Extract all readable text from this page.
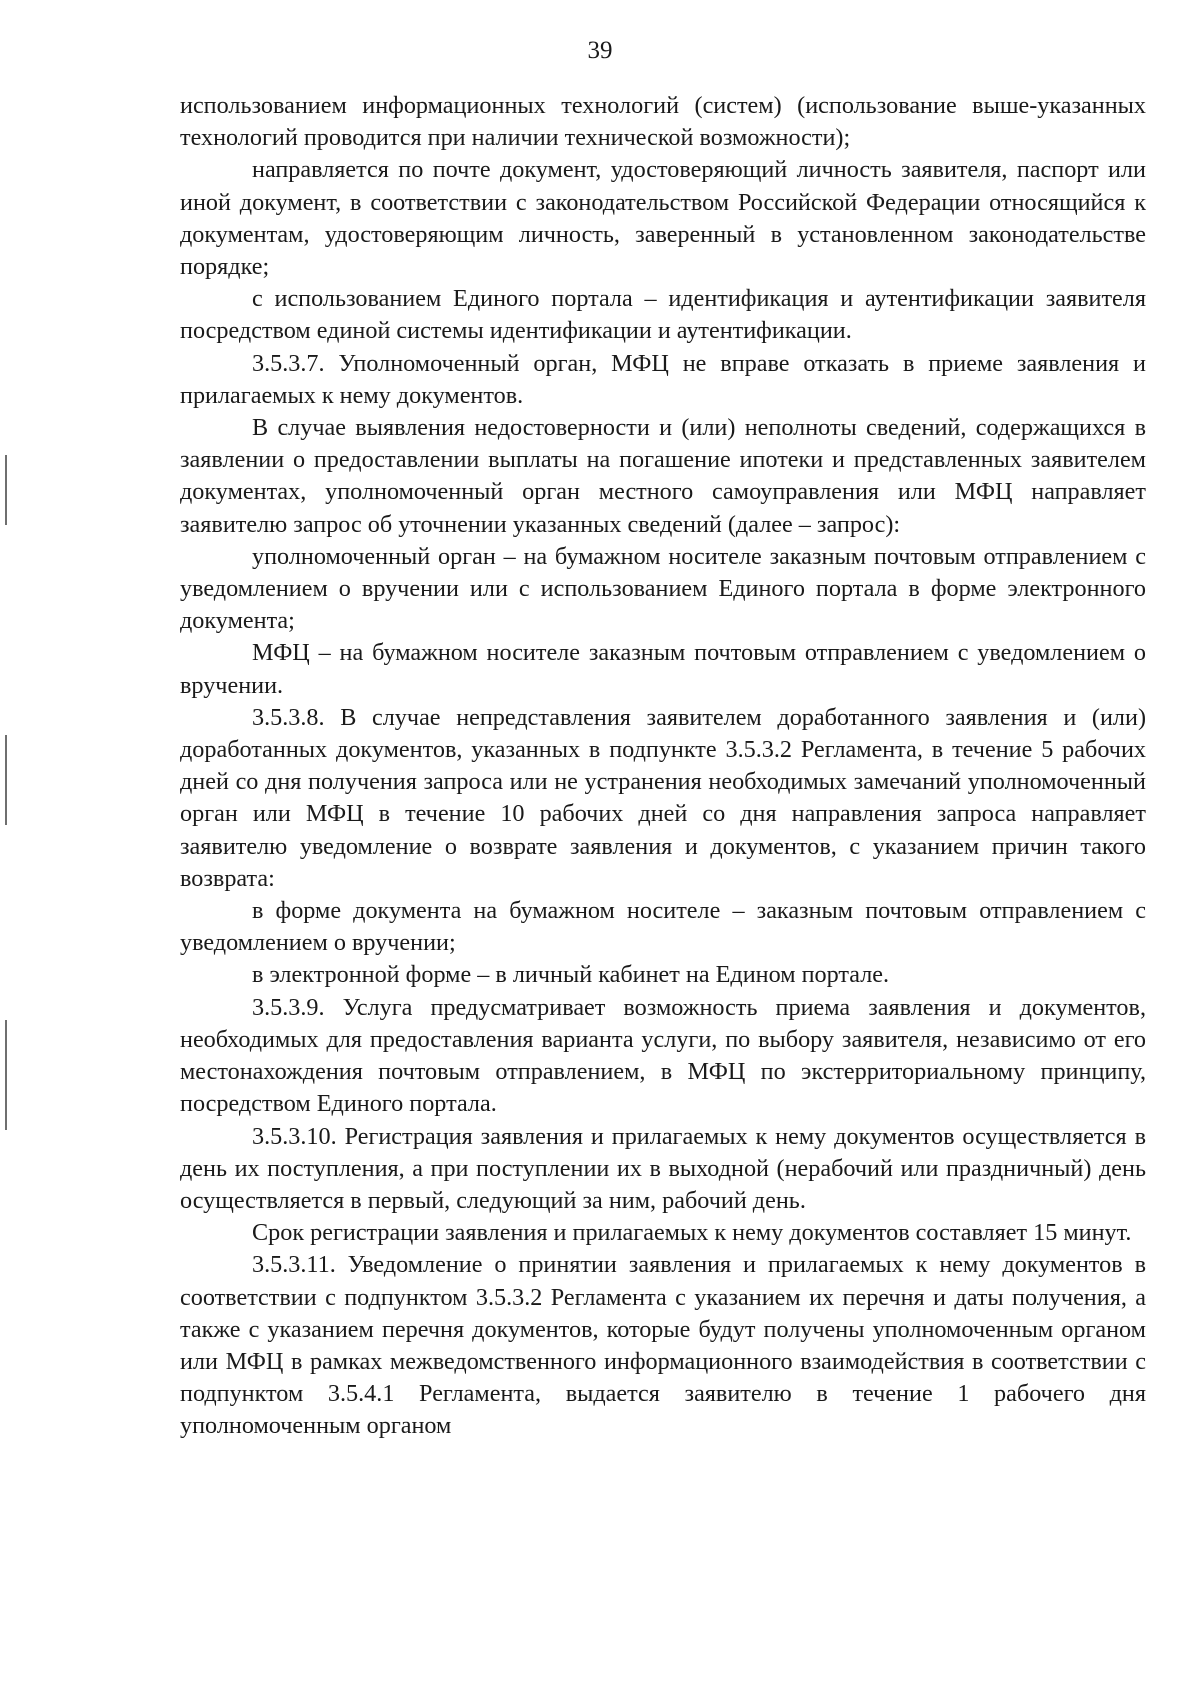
39

использованием информационных технологий (систем) (использование выше-указанных технологий проводится при наличии технической возможности);

направляется по почте документ, удостоверяющий личность заявителя, паспорт или иной документ, в соответствии с законодательством Российской Федерации относящийся к документам, удостоверяющим личность, заверенный в установленном законодательстве порядке;

с использованием Единого портала – идентификация и аутентификации заявителя посредством единой системы идентификации и аутентификации.

3.5.3.7. Уполномоченный орган, МФЦ не вправе отказать в приеме заявления и прилагаемых к нему документов.

В случае выявления недостоверности и (или) неполноты сведений, содержащихся в заявлении о предоставлении выплаты на погашение ипотеки и представленных заявителем документах, уполномоченный орган местного самоуправления или МФЦ направляет заявителю запрос об уточнении указанных сведений (далее – запрос):

уполномоченный орган – на бумажном носителе заказным почтовым отправлением с уведомлением о вручении или с использованием Единого портала в форме электронного документа;

МФЦ – на бумажном носителе заказным почтовым отправлением с уведомлением о вручении.

3.5.3.8. В случае непредставления заявителем доработанного заявления и (или) доработанных документов, указанных в подпункте 3.5.3.2 Регламента, в течение 5 рабочих дней со дня получения запроса или не устранения необходимых замечаний уполномоченный орган или МФЦ в течение 10 рабочих дней со дня направления запроса направляет заявителю уведомление о возврате заявления и документов, с указанием причин такого возврата:

в форме документа на бумажном носителе – заказным почтовым отправлением с уведомлением о вручении;

в электронной форме – в личный кабинет на Едином портале.

3.5.3.9. Услуга предусматривает возможность приема заявления и документов, необходимых для предоставления варианта услуги, по выбору заявителя, независимо от его местонахождения почтовым отправлением, в МФЦ по экстерриториальному принципу, посредством Единого портала.

3.5.3.10. Регистрация заявления и прилагаемых к нему документов осуществляется в день их поступления, а при поступлении их в выходной (нерабочий или праздничный) день осуществляется в первый, следующий за ним, рабочий день.

Срок регистрации заявления и прилагаемых к нему документов составляет 15 минут.

3.5.3.11. Уведомление о принятии заявления и прилагаемых к нему документов в соответствии с подпунктом 3.5.3.2 Регламента с указанием их перечня и даты получения, а также с указанием перечня документов, которые будут получены уполномоченным органом или МФЦ в рамках межведомственного информационного взаимодействия в соответствии с подпунктом 3.5.4.1 Регламента, выдается заявителю в течение 1 рабочего дня уполномоченным органом
